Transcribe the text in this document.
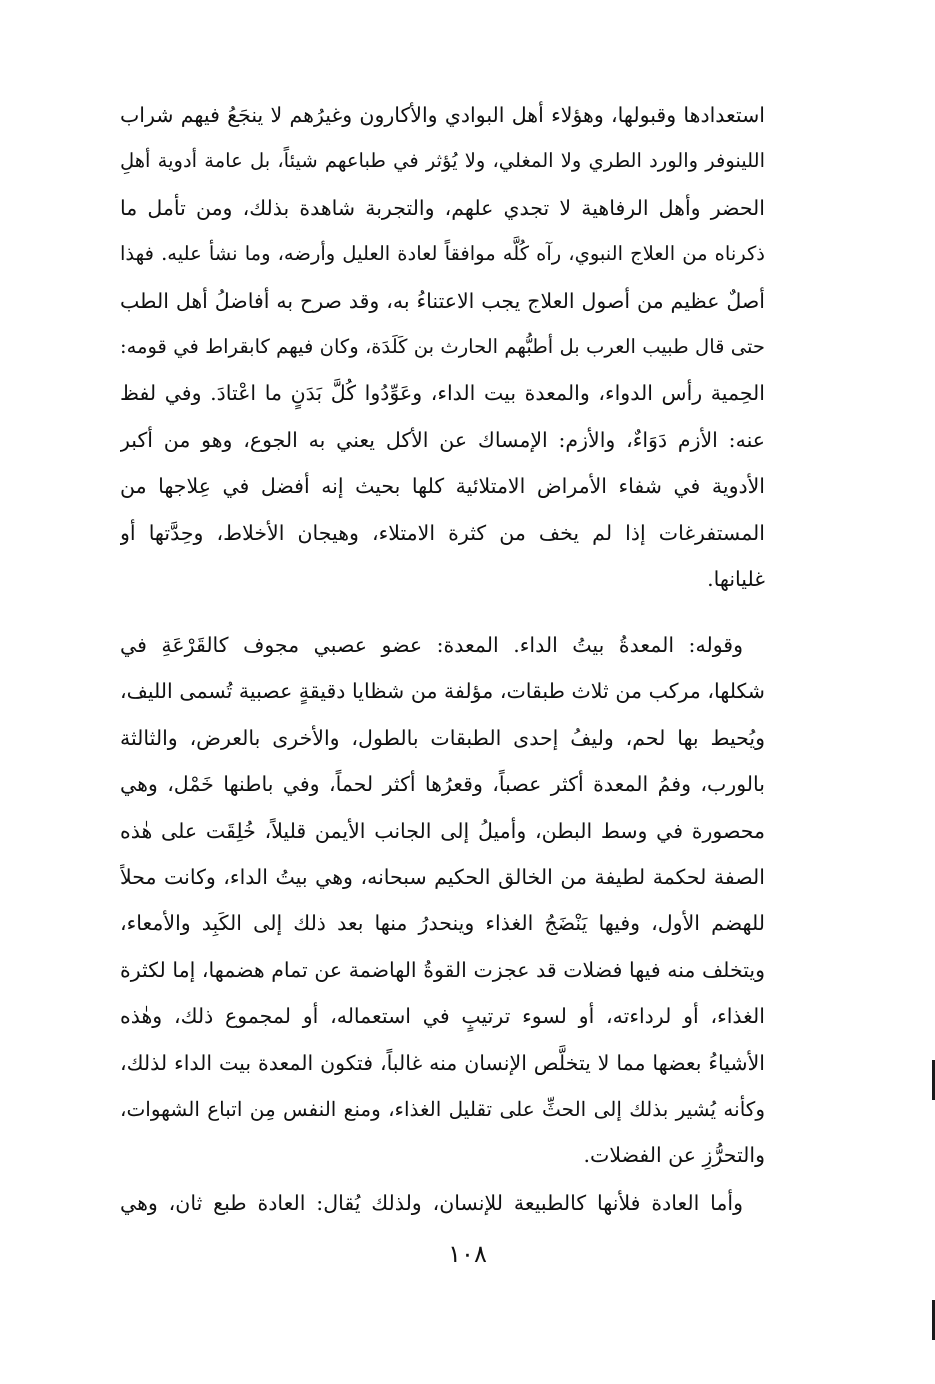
استعدادها وقبولها، وهؤلاء أهل البوادي والأكارون وغيرُهم لا ينجَعُ فيهم شراب
اللينوفر والورد الطري ولا المغلي، ولا يُؤثر في طباعهم شيئاً، بل عامة أدوية أهلِ
الحضر وأهل الرفاهية لا تجدي علهم، والتجربة شاهدة بذلك، ومن تأمل ما
ذكرناه من العلاج النبوي، رآه كُلَّه موافقاً لعادة العليل وأرضه، وما نشأ عليه. فهذا
أصلٌ عظيم من أصول العلاج يجب الاعتناءُ به، وقد صرح به أفاضلُ أهل الطب
حتى قال طبيب العرب بل أطبُّهم الحارث بن كَلَدَة، وكان فيهم كابقراط في قومه:
الحِمية رأس الدواء، والمعدة بيت الداء، وعَوِّدُوا كُلَّ بَدَنٍ ما اعْتادَ. وفي لفظ
عنه: الأزم دَوَاءٌ، والأزم: الإمساك عن الأكل يعني به الجوع، وهو من أكبر
الأدوية في شفاء الأمراض الامتلائية كلها بحيث إنه أفضل في عِلاجها من
المستفرغات إذا لم يخف من كثرة الامتلاء، وهيجان الأخلاط، وحِدَّتها أو
غليانها.
وقوله: المعدةُ بيتُ الداء. المعدة: عضو عصبي مجوف كالقَرْعَةِ في
شكلها، مركب من ثلاث طبقات، مؤلفة من شظايا دقيقةٍ عصبية تُسمى الليف،
ويُحيط بها لحم، وليفُ إحدى الطبقات بالطول، والأخرى بالعرض، والثالثة
بالورب، وفمُ المعدة أكثر عصباً، وقعرُها أكثر لحماً، وفي باطنها خَمْل، وهي
محصورة في وسط البطن، وأميلُ إلى الجانب الأيمن قليلاً، خُلِقَت على هٰذه
الصفة لحكمة لطيفة من الخالق الحكيم سبحانه، وهي بيتُ الداء، وكانت محلاً
للهضم الأول، وفيها يَنْضَجُ الغذاء وينحدرُ منها بعد ذلك إلى الكَبِد والأمعاء،
ويتخلف منه فيها فضلات قد عجزت القوةُ الهاضمة عن تمام هضمها، إما لكثرة
الغذاء، أو لرداءته، أو لسوء ترتيبٍ في استعماله، أو لمجموع ذلك، وهٰذه
الأشياءُ بعضها مما لا يتخلَّص الإنسان منه غالباً، فتكون المعدة بيت الداء لذلك،
وكأنه يُشير بذلك إلى الحثِّ على تقليل الغذاء، ومنع النفس مِن اتباع الشهوات،
والتحرُّزِ عن الفضلات.
وأما العادة فلأنها كالطبيعة للإنسان، ولذلك يُقال: العادة طبع ثان، وهي
١٠٨
